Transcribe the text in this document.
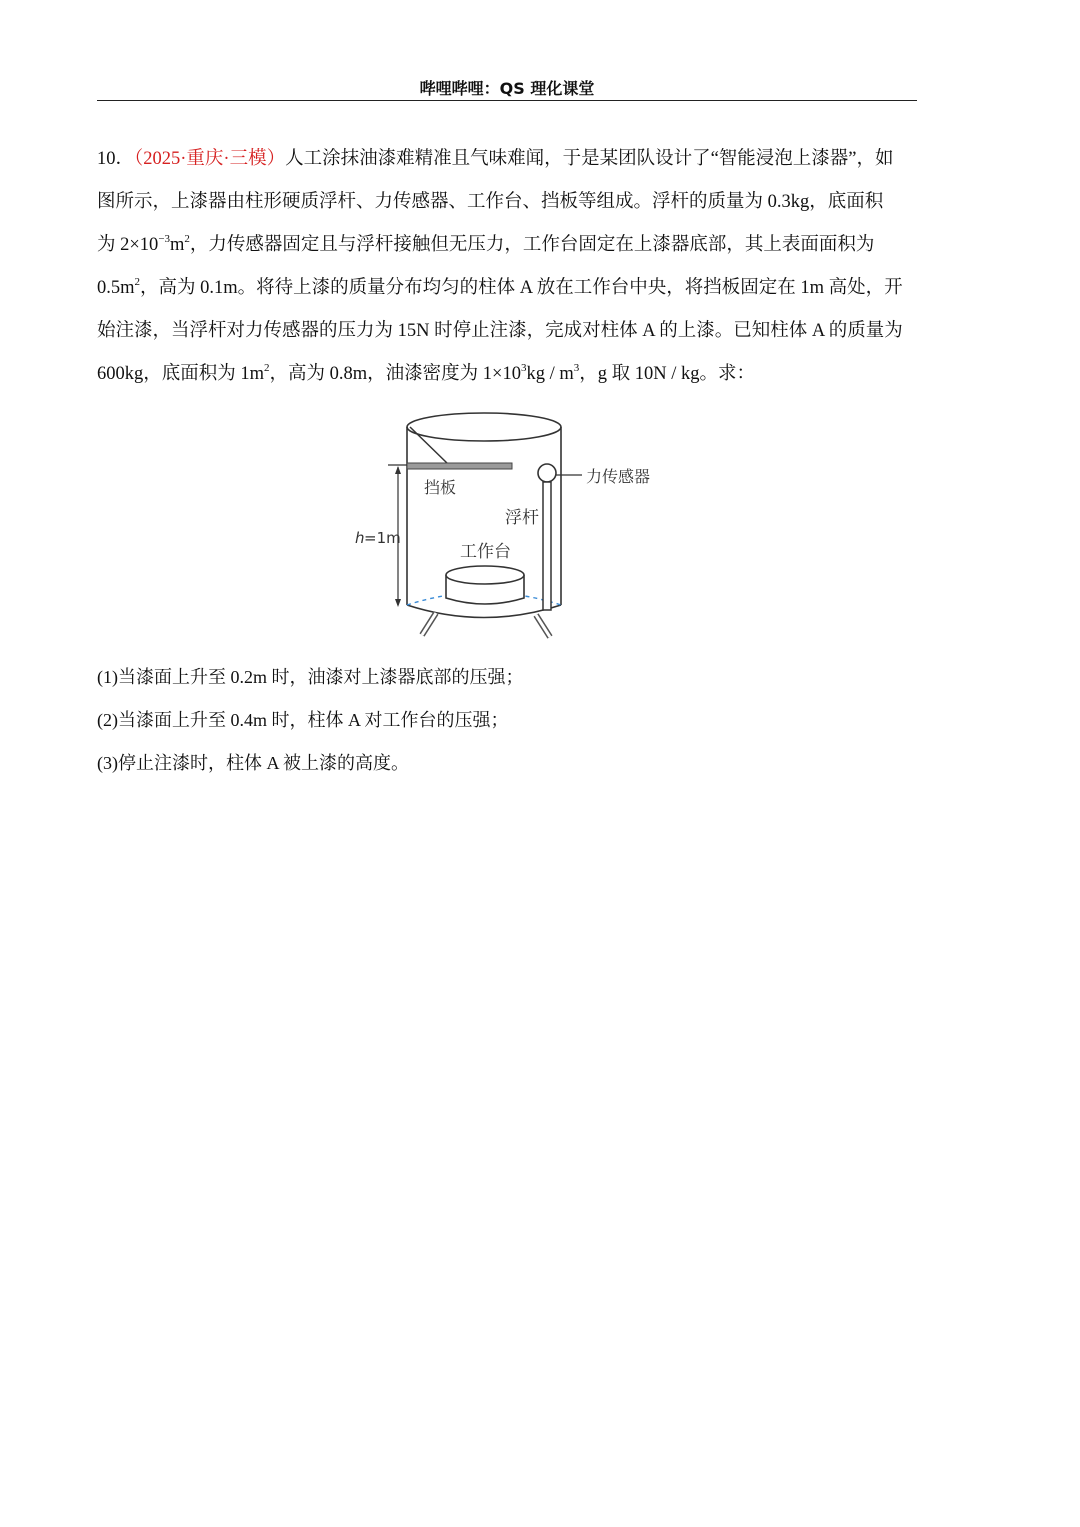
哔哩哔哩：QS 理化课堂

10．（2025·重庆·三模）人工涂抹油漆难精准且气味难闻，于是某团队设计了“智能浸泡上漆器”，如

图所示，上漆器由柱形硬质浮杆、力传感器、工作台、挡板等组成。浮杆的质量为 0.3kg，底面积

为 $2\times 10^{-3}m^2$，力传感器固定且与浮杆接触但无压力，工作台固定在上漆器底部，其上表面面积为

$0.5m^2$，高为 0.1m。将待上漆的质量分布均匀的柱体 A 放在工作台中央，将挡板固定在 1m 高处，开

始注漆，当浮杆对力传感器的压力为 15N 时停止注漆，完成对柱体 A 的上漆。已知柱体 A 的质量为

600kg，底面积为 $1m^2$，高为 0.8m，油漆密度为 $1\times 10^3kg / m^3$，g 取 10N / kg。求：

挡板
力传感器
浮杆
工作台
h =1m

(1)当漆面上升至 0.2m 时，油漆对上漆器底部的压强；

(2)当漆面上升至 0.4m 时，柱体 A 对工作台的压强；

(3)停止注漆时，柱体 A 被上漆的高度。
